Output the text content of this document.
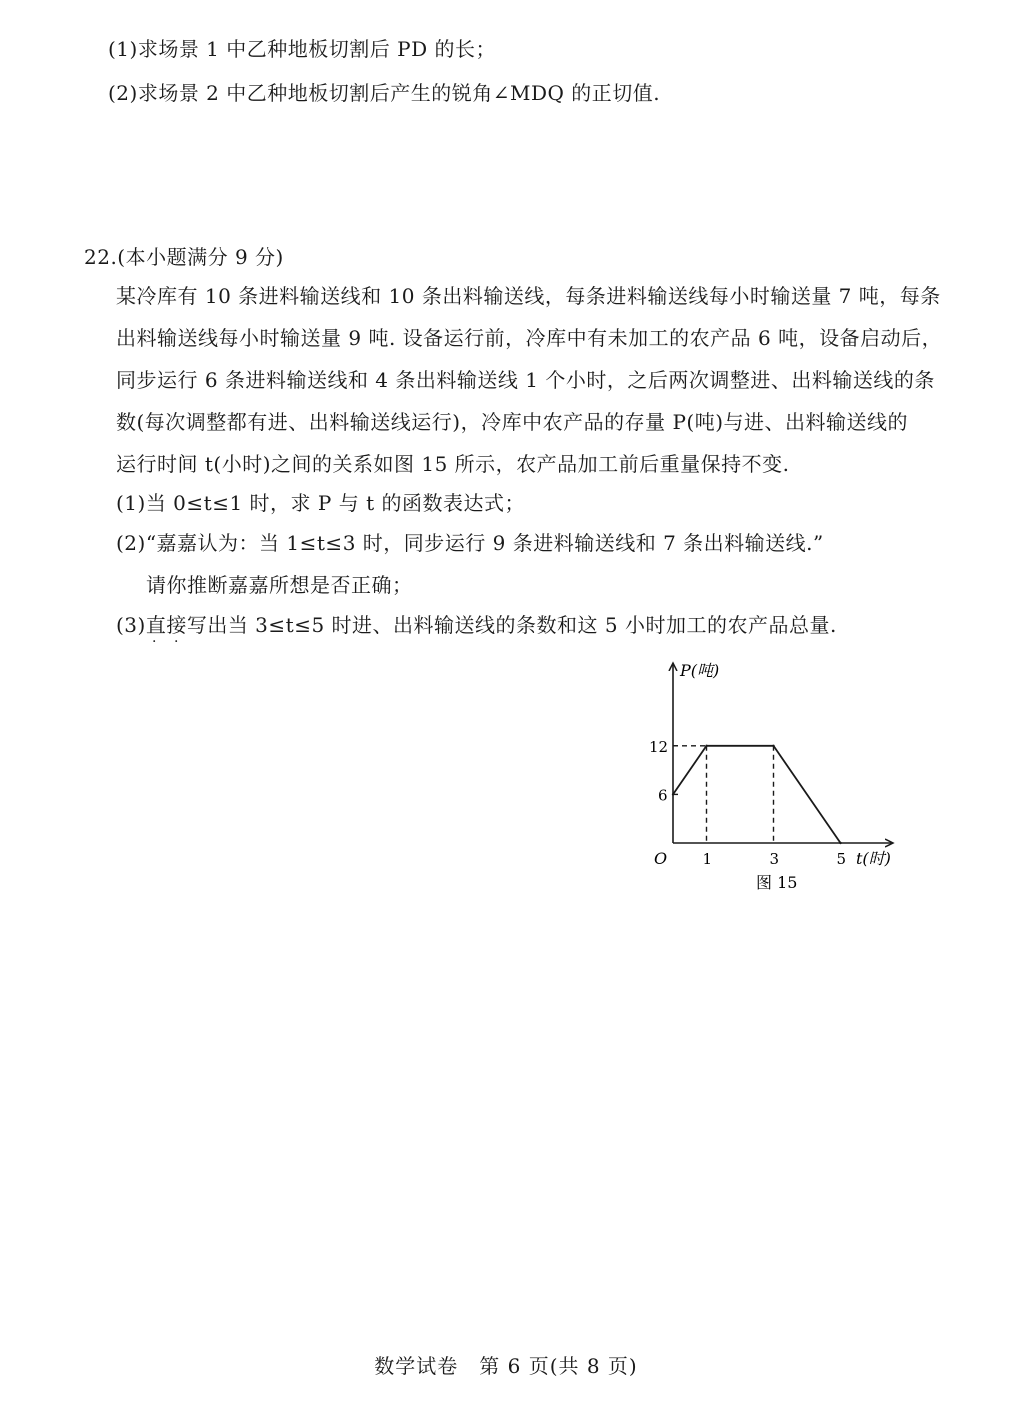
(1)求场景 1 中乙种地板切割后 PD 的长；
(2)求场景 2 中乙种地板切割后产生的锐角∠MDQ 的正切值.
22.(本小题满分 9 分)
某冷库有 10 条进料输送线和 10 条出料输送线，每条进料输送线每小时输送量 7 吨，每条
出料输送线每小时输送量 9 吨. 设备运行前，冷库中有未加工的农产品 6 吨，设备启动后，
同步运行 6 条进料输送线和 4 条出料输送线 1 个小时，之后两次调整进、出料输送线的条
数(每次调整都有进、出料输送线运行)，冷库中农产品的存量 P(吨)与进、出料输送线的
运行时间 t(小时)之间的关系如图 15 所示，农产品加工前后重量保持不变.
(1)当 0≤t≤1 时，求 P 与 t 的函数表达式；
(2)“嘉嘉认为：当 1≤t≤3 时，同步运行 9 条进料输送线和 7 条出料输送线.”
请你推断嘉嘉所想是否正确；
(3)直接写出当 3≤t≤5 时进、出料输送线的条数和这 5 小时加工的农产品总量.
· ·
1	3	5
6
12
P(吨)
t(时)
O
图 15
数学试卷　第 6 页(共 8 页)
